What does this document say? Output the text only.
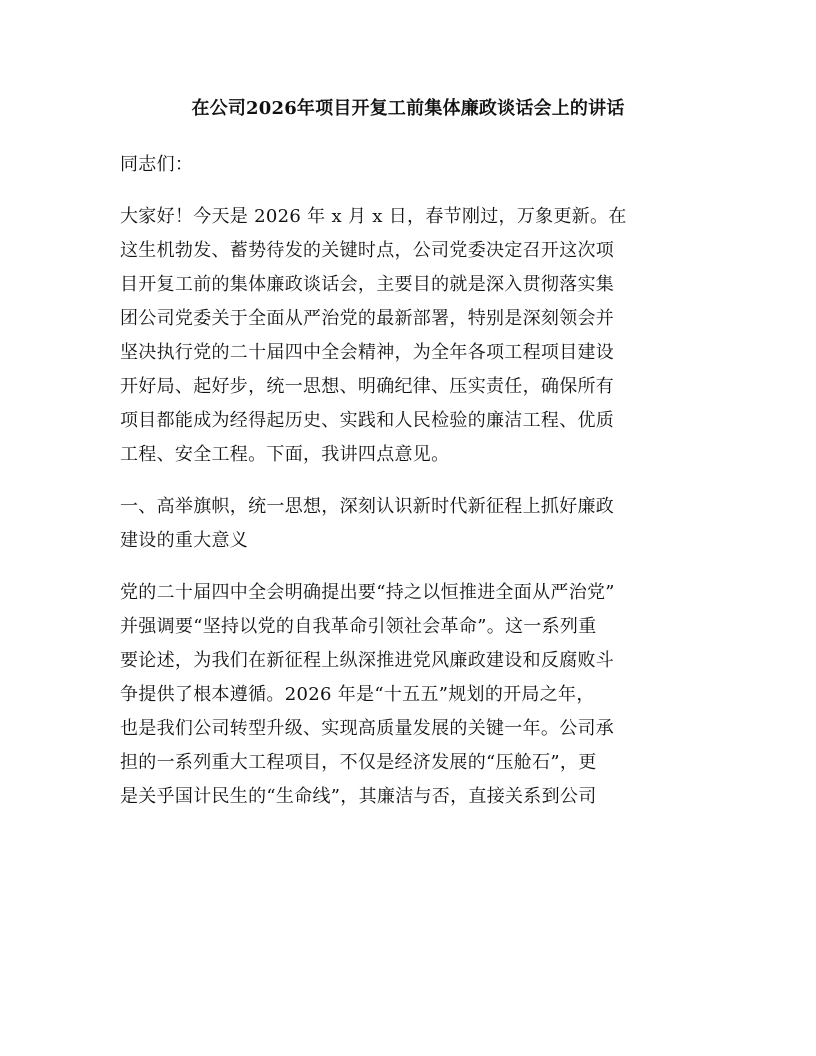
在公司2026年项目开复工前集体廉政谈话会上的讲话
同志们：
大家好！今天是 2026 年 x 月 x 日，春节刚过，万象更新。在
这生机勃发、蓄势待发的关键时点，公司党委决定召开这次项
目开复工前的集体廉政谈话会，主要目的就是深入贯彻落实集
团公司党委关于全面从严治党的最新部署，特别是深刻领会并
坚决执行党的二十届四中全会精神，为全年各项工程项目建设
开好局、起好步，统一思想、明确纪律、压实责任，确保所有
项目都能成为经得起历史、实践和人民检验的廉洁工程、优质
工程、安全工程。下面，我讲四点意见。
一、高举旗帜，统一思想，深刻认识新时代新征程上抓好廉政
建设的重大意义
党的二十届四中全会明确提出要“持之以恒推进全面从严治党”
并强调要“坚持以党的自我革命引领社会革命”。这一系列重
要论述，为我们在新征程上纵深推进党风廉政建设和反腐败斗
争提供了根本遵循。2026 年是“十五五”规划的开局之年，
也是我们公司转型升级、实现高质量发展的关键一年。公司承
担的一系列重大工程项目，不仅是经济发展的“压舱石”，更
是关乎国计民生的“生命线”，其廉洁与否，直接关系到公司
